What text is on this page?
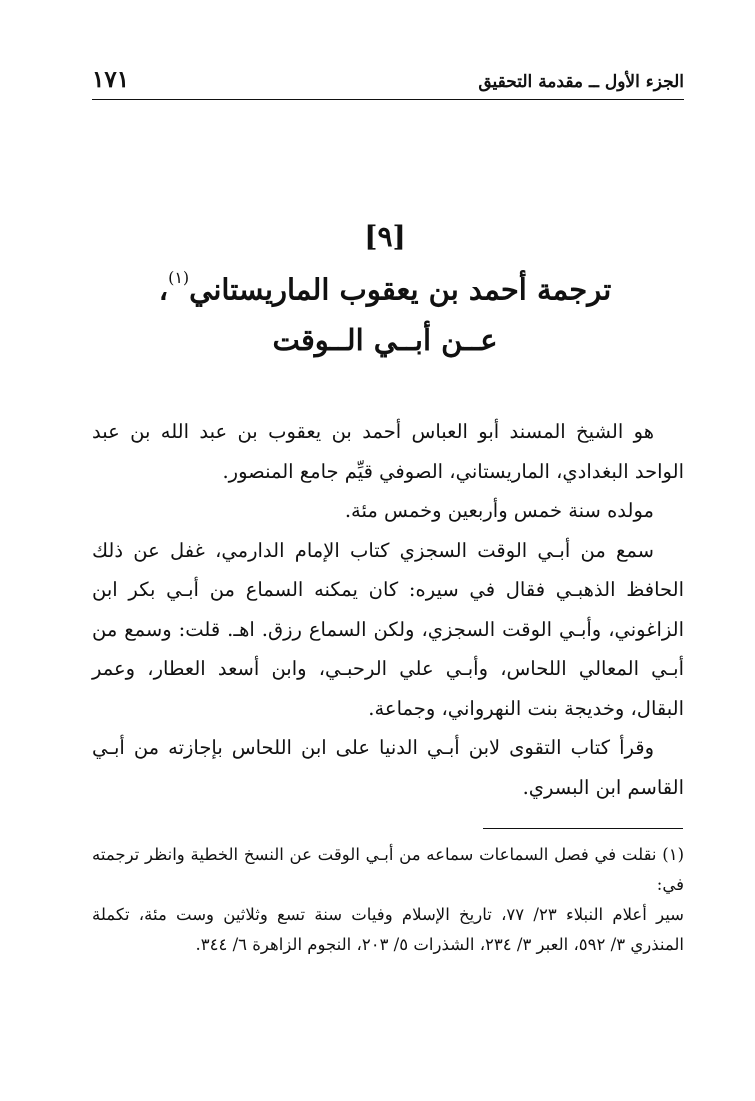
الجزء الأول ــ مقدمة التحقيق
١٧١
[٩]
ترجمة أحمد بن يعقوب الماريستاني$^{(١)}$،
عــن أبــي الــوقت

هو الشيخ المسند أبو العباس أحمد بن يعقوب بن عبد الله بن عبد الواحد البغدادي، الماريستاني، الصوفي قيِّم جامع المنصور.

مولده سنة خمس وأربعين وخمس مئة.

سمع من أبـي الوقت السجزي كتاب الإمام الدارمي، غفل عن ذلك الحافظ الذهبـي فقال في سيره: كان يمكنه السماع من أبـي بكر ابن الزاغوني، وأبـي الوقت السجزي، ولكن السماع رزق. اهـ. قلت: وسمع من أبـي المعالي اللحاس، وأبـي علي الرحبـي، وابن أسعد العطار، وعمر البقال، وخديجة بنت النهرواني، وجماعة.

وقرأ كتاب التقوى لابن أبـي الدنيا على ابن اللحاس بإجازته من أبـي القاسم ابن البسري.

(١) نقلت في فصل السماعات سماعه من أبـي الوقت عن النسخ الخطية وانظر ترجمته في:

سير أعلام النبلاء ٢٣/ ٧٧، تاريخ الإسلام وفيات سنة تسع وثلاثين وست مئة، تكملة المنذري ٣/ ٥٩٢، العبر ٣/ ٢٣٤، الشذرات ٥/ ٢٠٣، النجوم الزاهرة ٦/ ٣٤٤.
